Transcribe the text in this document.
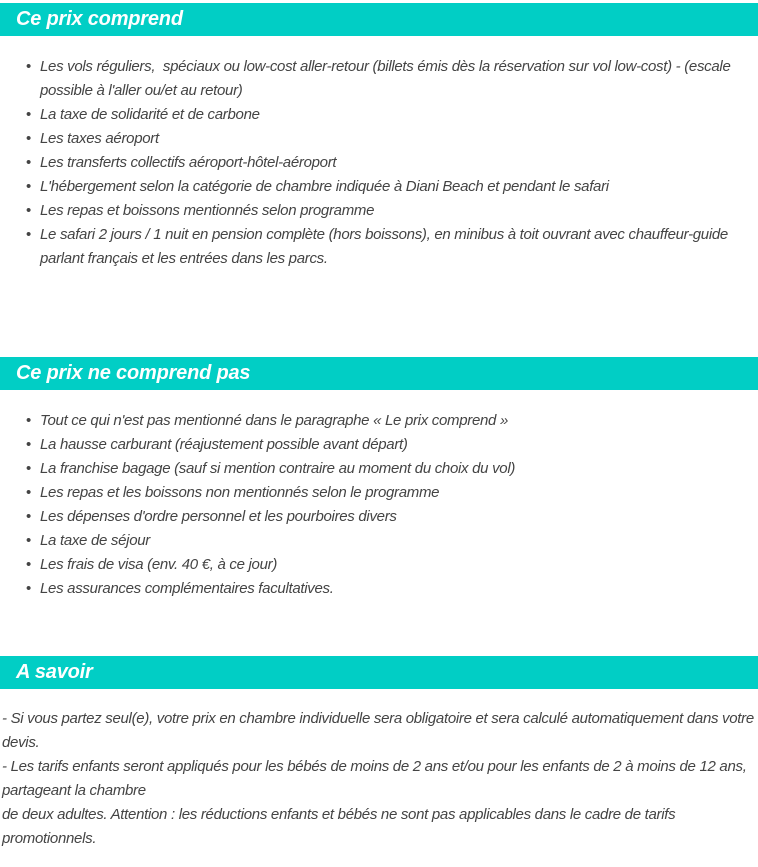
Ce prix comprend
• Les vols réguliers,  spéciaux ou low-cost aller-retour (billets émis dès la réservation sur vol low-cost) - (escale possible à l'aller ou/et au retour)
• La taxe de solidarité et de carbone
• Les taxes aéroport
• Les transferts collectifs aéroport-hôtel-aéroport
• L'hébergement selon la catégorie de chambre indiquée à Diani Beach et pendant le safari
• Les repas et boissons mentionnés selon programme
• Le safari 2 jours / 1 nuit en pension complète (hors boissons), en minibus à toit ouvrant avec chauffeur-guide parlant français et les entrées dans les parcs.
Ce prix ne comprend pas
• Tout ce qui n'est pas mentionné dans le paragraphe « Le prix comprend »
• La hausse carburant (réajustement possible avant départ)
• La franchise bagage (sauf si mention contraire au moment du choix du vol)
• Les repas et les boissons non mentionnés selon le programme
• Les dépenses d'ordre personnel et les pourboires divers
• La taxe de séjour
• Les frais de visa (env. 40 €, à ce jour)
• Les assurances complémentaires facultatives.
A savoir

- Si vous partez seul(e), votre prix en chambre individuelle sera obligatoire et sera calculé automatiquement dans votre devis.

- Les tarifs enfants seront appliqués pour les bébés de moins de 2 ans et/ou pour les enfants de 2 à moins de 12 ans, partageant la chambre

de deux adultes. Attention : les réductions enfants et bébés ne sont pas applicables dans le cadre de tarifs promotionnels.
